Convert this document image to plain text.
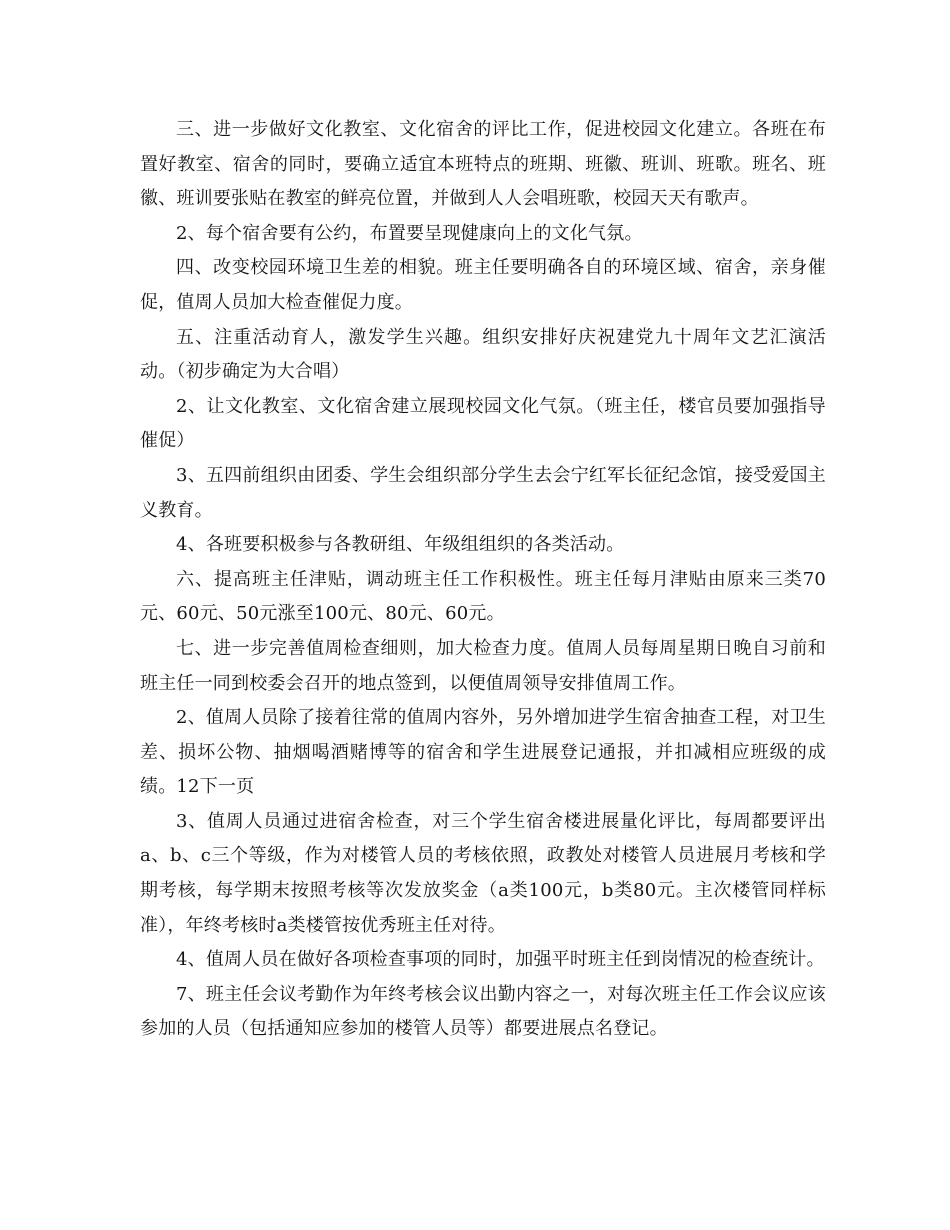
三、进一步做好文化教室、文化宿舍的评比工作，促进校园文化建立。各班在布置好教室、宿舍的同时，要确立适宜本班特点的班期、班徽、班训、班歌。班名、班徽、班训要张贴在教室的鲜亮位置，并做到人人会唱班歌，校园天天有歌声。

2、每个宿舍要有公约，布置要呈现健康向上的文化气氛。

四、改变校园环境卫生差的相貌。班主任要明确各自的环境区域、宿舍，亲身催促，值周人员加大检查催促力度。

五、注重活动育人，激发学生兴趣。组织安排好庆祝建党九十周年文艺汇演活动。（初步确定为大合唱）

2、让文化教室、文化宿舍建立展现校园文化气氛。（班主任，楼官员要加强指导催促）

3、五四前组织由团委、学生会组织部分学生去会宁红军长征纪念馆，接受爱国主义教育。

4、各班要积极参与各教研组、年级组组织的各类活动。

六、提高班主任津贴，调动班主任工作积极性。班主任每月津贴由原来三类70元、60元、50元涨至100元、80元、60元。

七、进一步完善值周检查细则，加大检查力度。值周人员每周星期日晚自习前和班主任一同到校委会召开的地点签到，以便值周领导安排值周工作。

2、值周人员除了接着往常的值周内容外，另外增加进学生宿舍抽查工程，对卫生差、损坏公物、抽烟喝酒赌博等的宿舍和学生进展登记通报，并扣减相应班级的成绩。12下一页

3、值周人员通过进宿舍检查，对三个学生宿舍楼进展量化评比，每周都要评出a、b、c三个等级，作为对楼管人员的考核依照，政教处对楼管人员进展月考核和学期考核，每学期末按照考核等次发放奖金（a类100元，b类80元。主次楼管同样标准），年终考核时a类楼管按优秀班主任对待。

4、值周人员在做好各项检查事项的同时，加强平时班主任到岗情况的检查统计。

7、班主任会议考勤作为年终考核会议出勤内容之一，对每次班主任工作会议应该参加的人员（包括通知应参加的楼管人员等）都要进展点名登记。
